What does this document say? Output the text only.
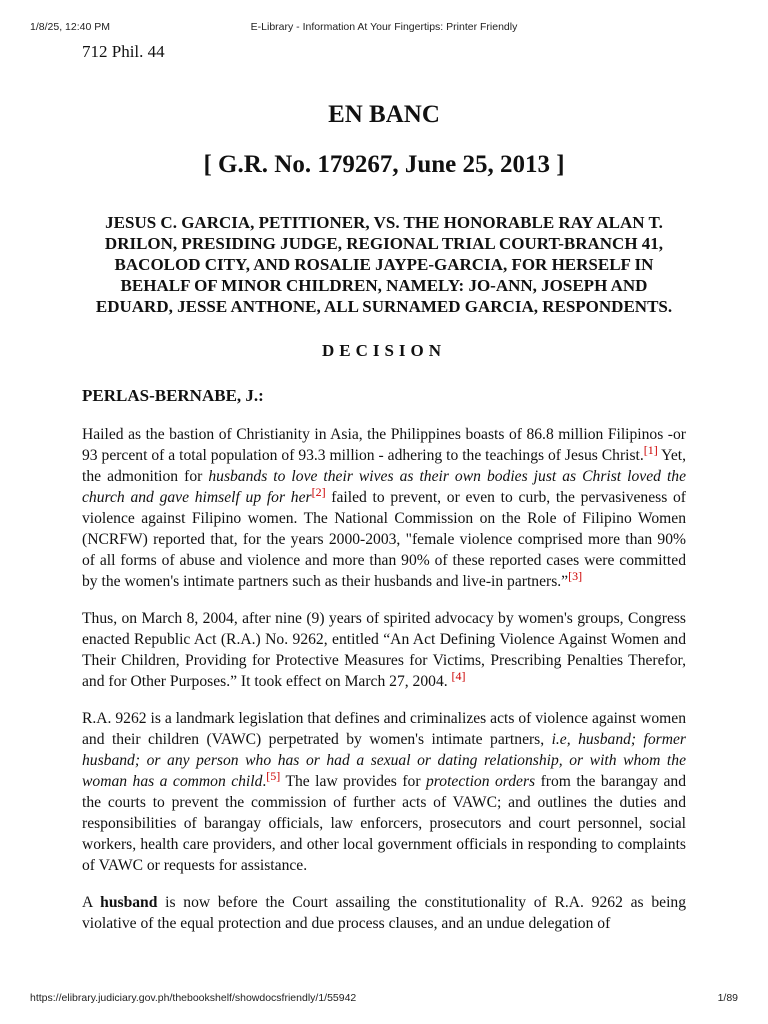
1/8/25, 12:40 PM	E-Library - Information At Your Fingertips: Printer Friendly

712 Phil. 44

EN BANC
[ G.R. No. 179267, June 25, 2013 ]
JESUS C. GARCIA, PETITIONER, VS. THE HONORABLE RAY ALAN T. DRILON, PRESIDING JUDGE, REGIONAL TRIAL COURT-BRANCH 41, BACOLOD CITY, AND ROSALIE JAYPE-GARCIA, FOR HERSELF IN BEHALF OF MINOR CHILDREN, NAMELY: JO-ANN, JOSEPH AND EDUARD, JESSE ANTHONE, ALL SURNAMED GARCIA, RESPONDENTS.
DECISION

PERLAS-BERNABE, J.:

Hailed as the bastion of Christianity in Asia, the Philippines boasts of 86.8 million Filipinos -or 93 percent of a total population of 93.3 million - adhering to the teachings of Jesus Christ.[1] Yet, the admonition for husbands to love their wives as their own bodies just as Christ loved the church and gave himself up for her[2] failed to prevent, or even to curb, the pervasiveness of violence against Filipino women. The National Commission on the Role of Filipino Women (NCRFW) reported that, for the years 2000-2003, "female violence comprised more than 90% of all forms of abuse and violence and more than 90% of these reported cases were committed by the women's intimate partners such as their husbands and live-in partners.”[3]

Thus, on March 8, 2004, after nine (9) years of spirited advocacy by women's groups, Congress enacted Republic Act (R.A.) No. 9262, entitled “An Act Defining Violence Against Women and Their Children, Providing for Protective Measures for Victims, Prescribing Penalties Therefor, and for Other Purposes.” It took effect on March 27, 2004. [4]

R.A. 9262 is a landmark legislation that defines and criminalizes acts of violence against women and their children (VAWC) perpetrated by women's intimate partners, i.e, husband; former husband; or any person who has or had a sexual or dating relationship, or with whom the woman has a common child.[5] The law provides for protection orders from the barangay and the courts to prevent the commission of further acts of VAWC; and outlines the duties and responsibilities of barangay officials, law enforcers, prosecutors and court personnel, social workers, health care providers, and other local government officials in responding to complaints of VAWC or requests for assistance.

A husband is now before the Court assailing the constitutionality of R.A. 9262 as being violative of the equal protection and due process clauses, and an undue delegation of

https://elibrary.judiciary.gov.ph/thebookshelf/showdocsfriendly/1/55942	1/89
